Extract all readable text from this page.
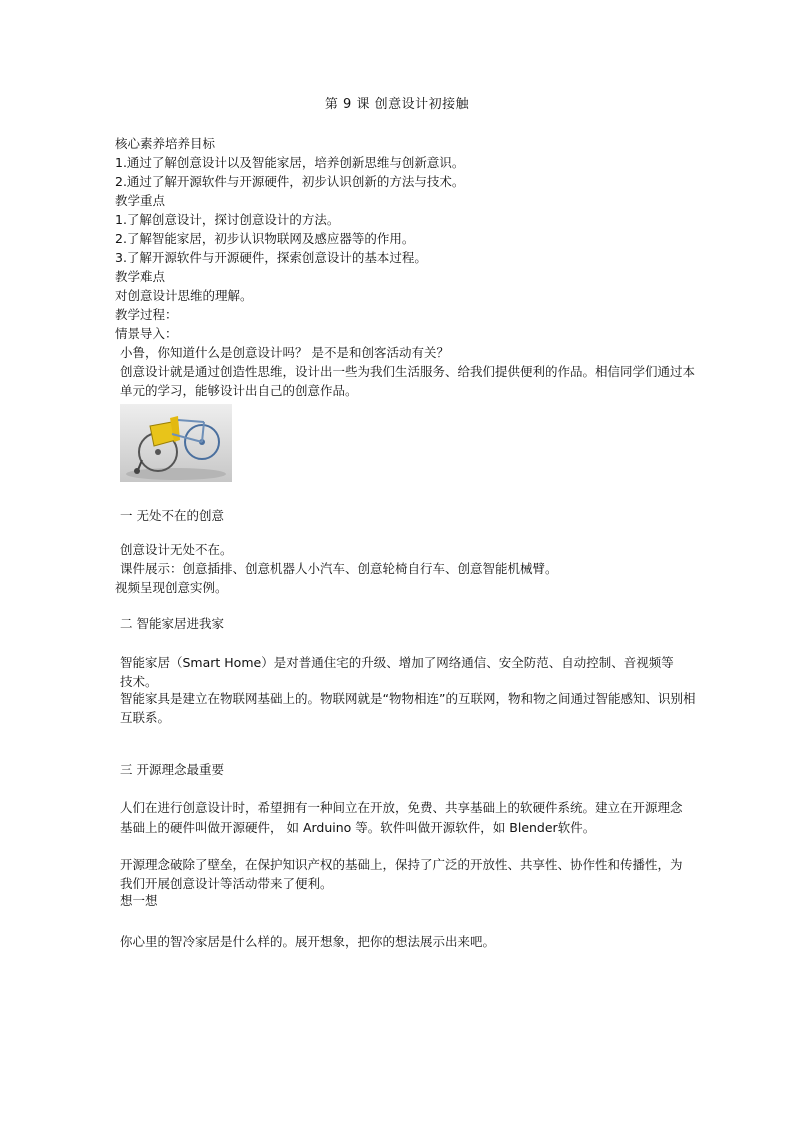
第 9 课 创意设计初接触
核心素养培养目标
1.通过了解创意设计以及智能家居，培养创新思维与创新意识。
2.通过了解开源软件与开源硬件，初步认识创新的方法与技术。
教学重点
1.了解创意设计，探讨创意设计的方法。
2.了解智能家居，初步认识物联网及感应器等的作用。
3.了解开源软件与开源硬件，探索创意设计的基本过程。
教学难点
对创意设计思维的理解。
教学过程：
情景导入：
小鲁，你知道什么是创意设计吗？ 是不是和创客活动有关？
创意设计就是通过创造性思维，设计出一些为我们生活服务、给我们提供便利的作品。相信同学们通过本
单元的学习，能够设计出自己的创意作品。
一 无处不在的创意
创意设计无处不在。
课件展示：创意插排、创意机器人小汽车、创意轮椅自行车、创意智能机械臂。
视频呈现创意实例。
二 智能家居进我家
智能家居（Smart Home）是对普通住宅的升级、增加了网络通信、安全防范、自动控制、音视频等
技术。
智能家具是建立在物联网基础上的。物联网就是“物物相连”的互联网，物和物之间通过智能感知、识别相
互联系。
三 开源理念最重要
人们在进行创意设计时，希望拥有一种间立在开放，免费、共享基础上的软硬件系统。建立在开源理念
基础上的硬件叫做开源硬件， 如 Arduino 等。软件叫做开源软件，如 Blender软件。
开源理念破除了壁垒，在保护知识产权的基础上，保持了广泛的开放性、共享性、协作性和传播性，为
我们开展创意设计等活动带来了便利。
想一想
你心里的智冷家居是什么样的。展开想象，把你的想法展示出来吧。
